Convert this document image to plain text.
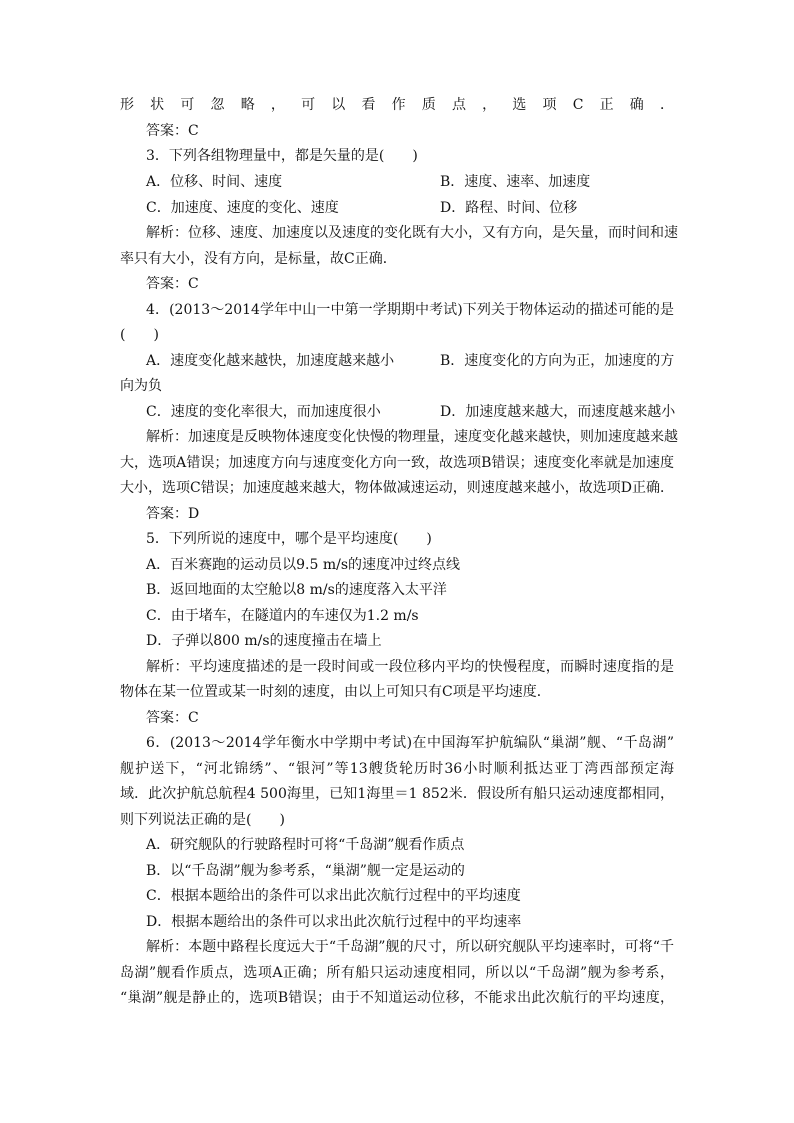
形状可忽略，可以看作质点，选项C正确．
答案：C
3．下列各组物理量中，都是矢量的是(　　)
A．位移、时间、速度	B．速度、速率、加速度
C．加速度、速度的变化、速度	D．路程、时间、位移
解析：位移、速度、加速度以及速度的变化既有大小，又有方向，是矢量，而时间和速
率只有大小，没有方向，是标量，故C正确．
答案：C
4．(2013～2014学年中山一中第一学期期中考试)下列关于物体运动的描述可能的是
(　　)
A．速度变化越来越快，加速度越来越小	B．速度变化的方向为正，加速度的方
向为负
C．速度的变化率很大，而加速度很小	D．加速度越来越大，而速度越来越小
解析：加速度是反映物体速度变化快慢的物理量，速度变化越来越快，则加速度越来越
大，选项A错误；加速度方向与速度变化方向一致，故选项B错误；速度变化率就是加速度
大小，选项C错误；加速度越来越大，物体做减速运动，则速度越来越小，故选项D正确．
答案：D
5．下列所说的速度中，哪个是平均速度(　　)
A．百米赛跑的运动员以9.5 m/s的速度冲过终点线
B．返回地面的太空舱以8 m/s的速度落入太平洋
C．由于堵车，在隧道内的车速仅为1.2 m/s
D．子弹以800 m/s的速度撞击在墙上
解析：平均速度描述的是一段时间或一段位移内平均的快慢程度，而瞬时速度指的是
物体在某一位置或某一时刻的速度，由以上可知只有C项是平均速度．
答案：C
6．(2013～2014学年衡水中学期中考试)在中国海军护航编队“巢湖”舰、“千岛湖”
舰护送下，“河北锦绣”、“银河”等13艘货轮历时36小时顺利抵达亚丁湾西部预定海
域．此次护航总航程4 500海里，已知1海里＝1 852米．假设所有船只运动速度都相同，
则下列说法正确的是(　　)
A．研究舰队的行驶路程时可将“千岛湖”舰看作质点
B．以“千岛湖”舰为参考系，“巢湖”舰一定是运动的
C．根据本题给出的条件可以求出此次航行过程中的平均速度
D．根据本题给出的条件可以求出此次航行过程中的平均速率
解析：本题中路程长度远大于“千岛湖”舰的尺寸，所以研究舰队平均速率时，可将“千
岛湖”舰看作质点，选项A正确；所有船只运动速度相同，所以以“千岛湖”舰为参考系，
“巢湖”舰是静止的，选项B错误；由于不知道运动位移，不能求出此次航行的平均速度，
